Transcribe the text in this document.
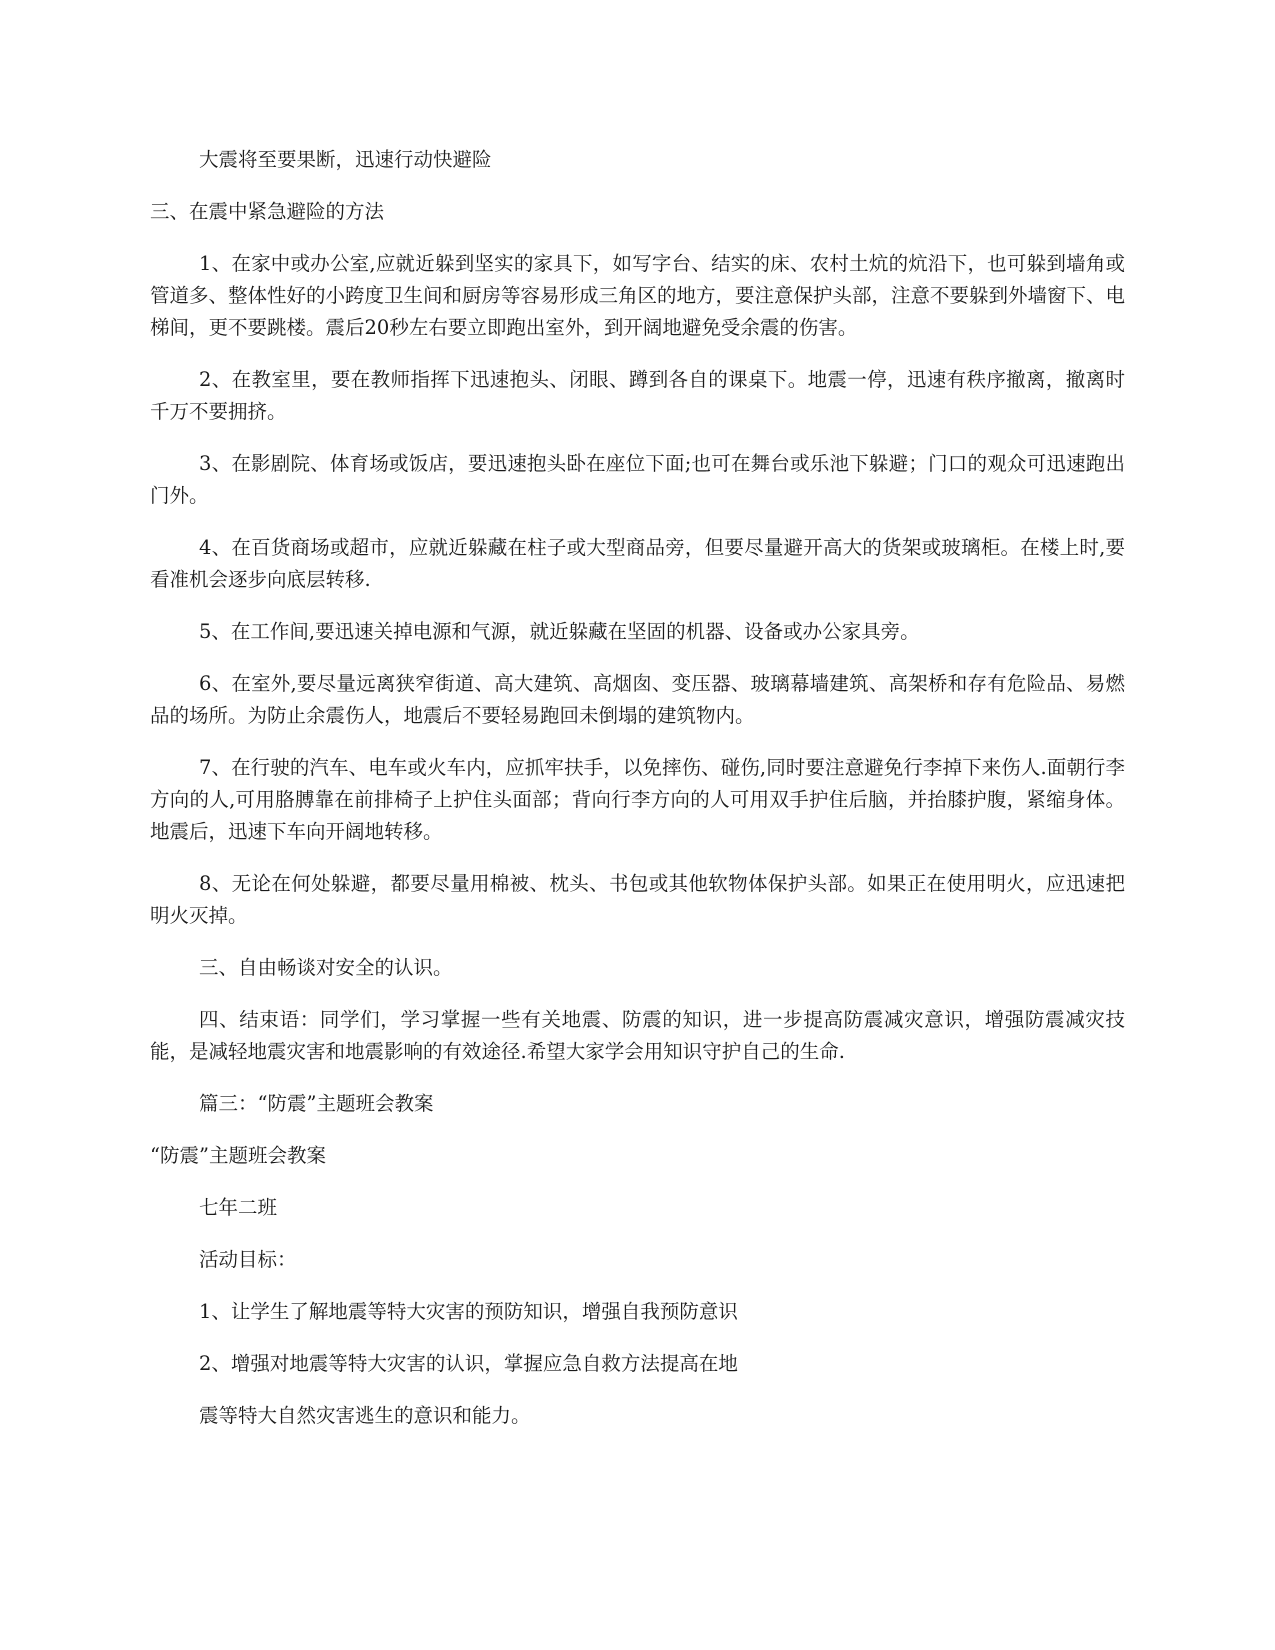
大震将至要果断，迅速行动快避险

三、在震中紧急避险的方法

1、在家中或办公室,应就近躲到坚实的家具下，如写字台、结实的床、农村土炕的炕沿下，也可躲到墙角或管道多、整体性好的小跨度卫生间和厨房等容易形成三角区的地方，要注意保护头部，注意不要躲到外墙窗下、电梯间，更不要跳楼。震后20秒左右要立即跑出室外，到开阔地避免受余震的伤害。

2、在教室里，要在教师指挥下迅速抱头、闭眼、蹲到各自的课桌下。地震一停，迅速有秩序撤离，撤离时千万不要拥挤。

3、在影剧院、体育场或饭店，要迅速抱头卧在座位下面;也可在舞台或乐池下躲避；门口的观众可迅速跑出门外。

4、在百货商场或超市，应就近躲藏在柱子或大型商品旁，但要尽量避开高大的货架或玻璃柜。在楼上时,要看准机会逐步向底层转移.

5、在工作间,要迅速关掉电源和气源，就近躲藏在坚固的机器、设备或办公家具旁。

6、在室外,要尽量远离狭窄街道、高大建筑、高烟囱、变压器、玻璃幕墙建筑、高架桥和存有危险品、易燃品的场所。为防止余震伤人，地震后不要轻易跑回未倒塌的建筑物内。

7、在行驶的汽车、电车或火车内，应抓牢扶手，以免摔伤、碰伤,同时要注意避免行李掉下来伤人.面朝行李方向的人,可用胳膊靠在前排椅子上护住头面部；背向行李方向的人可用双手护住后脑，并抬膝护腹，紧缩身体。地震后，迅速下车向开阔地转移。

8、无论在何处躲避，都要尽量用棉被、枕头、书包或其他软物体保护头部。如果正在使用明火，应迅速把明火灭掉。

三、自由畅谈对安全的认识。

四、结束语：同学们，学习掌握一些有关地震、防震的知识，进一步提高防震减灾意识，增强防震减灾技能，是减轻地震灾害和地震影响的有效途径.希望大家学会用知识守护自己的生命.

篇三：“防震”主题班会教案

“防震”主题班会教案

七年二班

活动目标：

1、让学生了解地震等特大灾害的预防知识，增强自我预防意识

2、增强对地震等特大灾害的认识，掌握应急自救方法提高在地

震等特大自然灾害逃生的意识和能力。
